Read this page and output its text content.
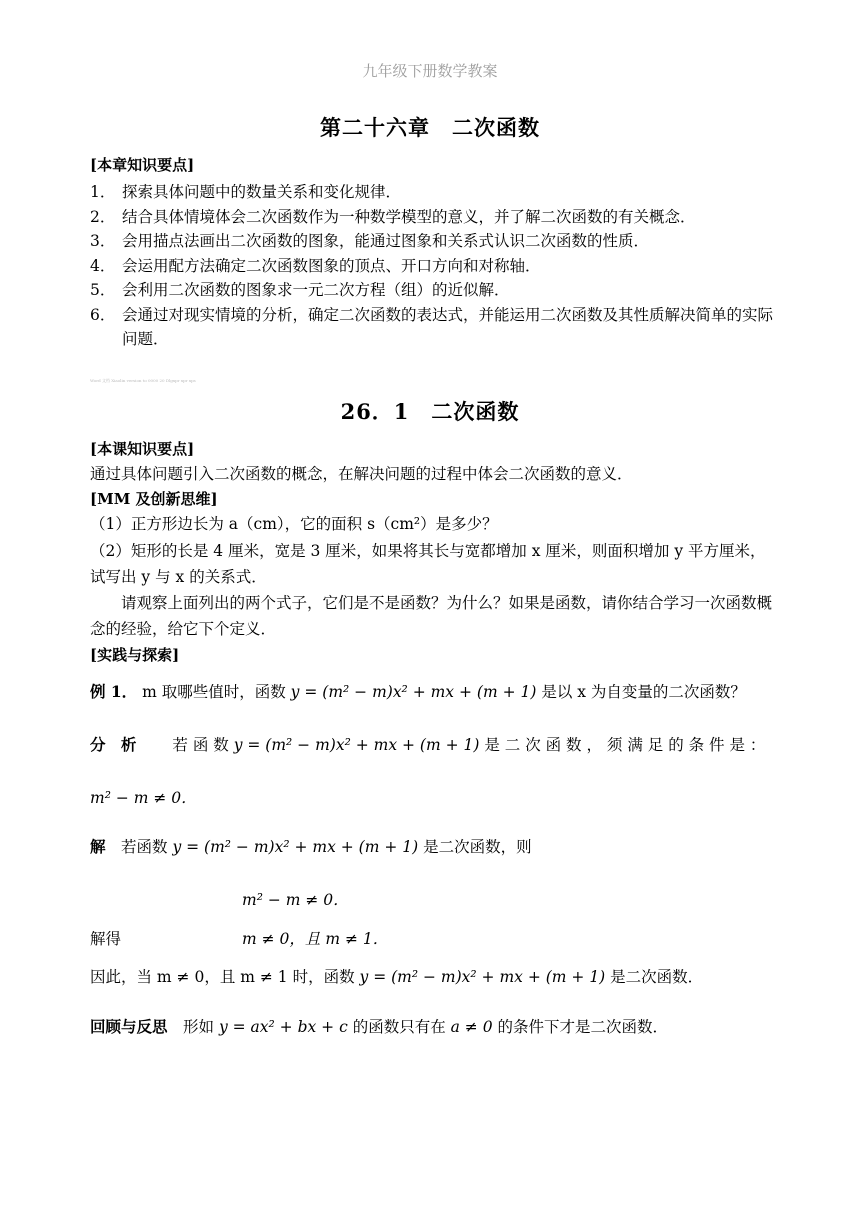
九年级下册数学教案
第二十六章　二次函数
[本章知识要点]
1． 探索具体问题中的数量关系和变化规律．
2． 结合具体情境体会二次函数作为一种数学模型的意义，并了解二次函数的有关概念．
3． 会用描点法画出二次函数的图象，能通过图象和关系式认识二次函数的性质．
4． 会运用配方法确定二次函数图象的顶点、开口方向和对称轴．
5． 会利用二次函数的图象求一元二次方程（组）的近似解．
6． 会通过对现实情境的分析，确定二次函数的表达式，并能运用二次函数及其性质解决简单的实际问题．
Word 文档 Xiaolin version to 0000 20 Dlgxpr xpr xps
26．1　二次函数
[本课知识要点]
通过具体问题引入二次函数的概念，在解决问题的过程中体会二次函数的意义．
[MM 及创新思维]
（1）正方形边长为 a（cm），它的面积 s（cm²）是多少？
（2）矩形的长是 4 厘米，宽是 3 厘米，如果将其长与宽都增加 x 厘米，则面积增加 y 平方厘米，试写出 y 与 x 的关系式．
请观察上面列出的两个式子，它们是不是函数？为什么？如果是函数，请你结合学习一次函数概念的经验，给它下个定义．
[实践与探索]
例 1． m 取哪些值时，函数 y = (m² − m)x² + mx + (m + 1) 是以 x 为自变量的二次函数？
分 析　　 若 函 数 y = (m² − m)x² + mx + (m + 1) 是 二 次 函 数 ， 须 满 足 的 条 件 是 ：
m² − m ≠ 0．
解　若函数 y = (m² − m)x² + mx + (m + 1) 是二次函数，则
m² − m ≠ 0．
解得	m ≠ 0，且 m ≠ 1．
因此，当 m ≠ 0，且 m ≠ 1 时，函数 y = (m² − m)x² + mx + (m + 1) 是二次函数．
回顾与反思　形如 y = ax² + bx + c 的函数只有在 a ≠ 0 的条件下才是二次函数．
